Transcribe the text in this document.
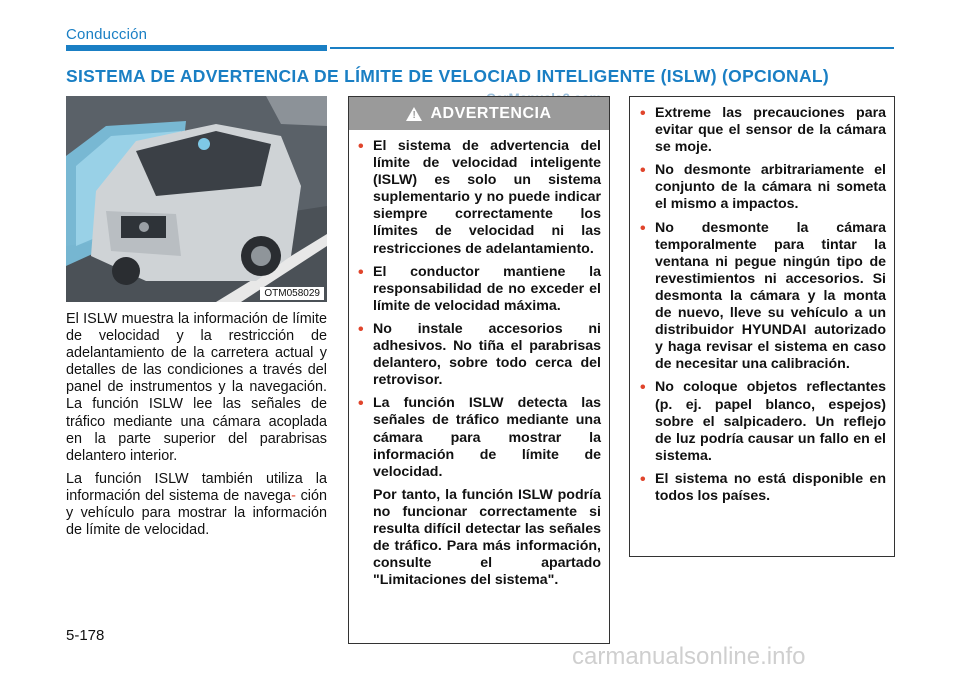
Conducción
SISTEMA DE ADVERTENCIA DE LÍMITE DE VELOCIAD INTELIGENTE (ISLW) (OPCIONAL)
OTM058029

El ISLW muestra la información de límite de velocidad y la restricción de adelantamiento de la carretera actual y detalles de las condiciones a través del panel de instrumentos y la navegación. La función ISLW lee las señales de tráfico mediante una cámara acoplada en la parte superior del parabrisas delantero interior.

La función ISLW también utiliza la información del sistema de navega- ción y vehículo para mostrar la información de límite de velocidad.

! ADVERTENCIA
• El sistema de advertencia del límite de velocidad inteligente (ISLW) es solo un sistema suplementario y no puede indicar siempre correctamente los límites de velocidad ni las restricciones de adelantamiento.

• El conductor mantiene la responsabilidad de no exceder el límite de velocidad máxima.

• No instale accesorios ni adhesivos. No tiña el parabrisas delantero, sobre todo cerca del retrovisor.

• La función ISLW detecta las señales de tráfico mediante una cámara para mostrar la información de límite de velocidad.

Por tanto, la función ISLW podría no funcionar correctamente si resulta difícil detectar las señales de tráfico. Para más información, consulte el apartado "Limitaciones del sistema".

• Extreme las precauciones para evitar que el sensor de la cámara se moje.

• No desmonte arbitrariamente el conjunto de la cámara ni someta el mismo a impactos.

• No desmonte la cámara temporalmente para tintar la ventana ni pegue ningún tipo de revestimientos ni accesorios. Si desmonta la cámara y la monta de nuevo, lleve su vehículo a un distribuidor HYUNDAI autorizado y haga revisar el sistema en caso de necesitar una calibración.

• No coloque objetos reflectantes (p. ej. papel blanco, espejos) sobre el salpicadero. Un reflejo de luz podría causar un fallo en el sistema.

• El sistema no está disponible en todos los países.

5-178
carmanualsonline.info
